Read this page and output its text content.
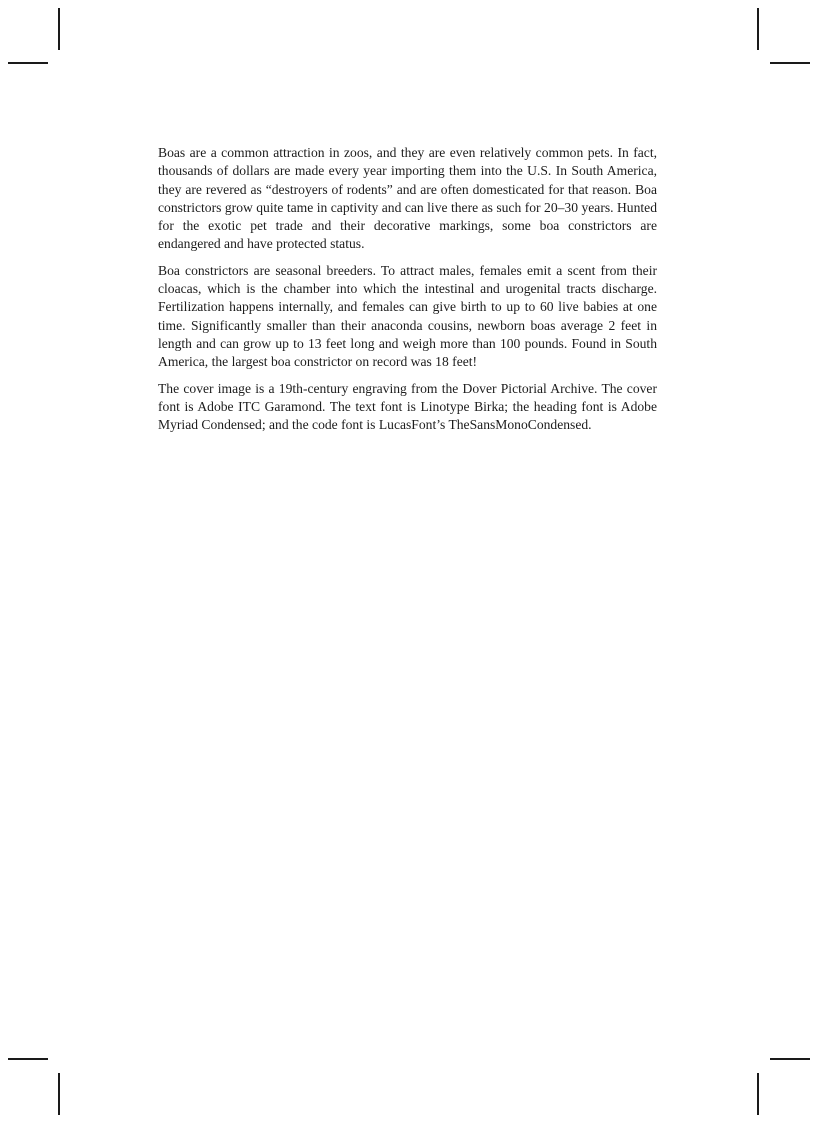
Boas are a common attraction in zoos, and they are even relatively common pets. In fact, thousands of dollars are made every year importing them into the U.S. In South America, they are revered as “destroyers of rodents” and are often domesticated for that reason. Boa constrictors grow quite tame in captivity and can live there as such for 20–30 years. Hunted for the exotic pet trade and their decorative markings, some boa constrictors are endangered and have protected status.

Boa constrictors are seasonal breeders. To attract males, females emit a scent from their cloacas, which is the chamber into which the intestinal and urogenital tracts discharge. Fertilization happens internally, and females can give birth to up to 60 live babies at one time. Significantly smaller than their anaconda cousins, newborn boas average 2 feet in length and can grow up to 13 feet long and weigh more than 100 pounds. Found in South America, the largest boa constrictor on record was 18 feet!

The cover image is a 19th-century engraving from the Dover Pictorial Archive. The cover font is Adobe ITC Garamond. The text font is Linotype Birka; the heading font is Adobe Myriad Condensed; and the code font is LucasFont’s TheSansMonoCondensed.
